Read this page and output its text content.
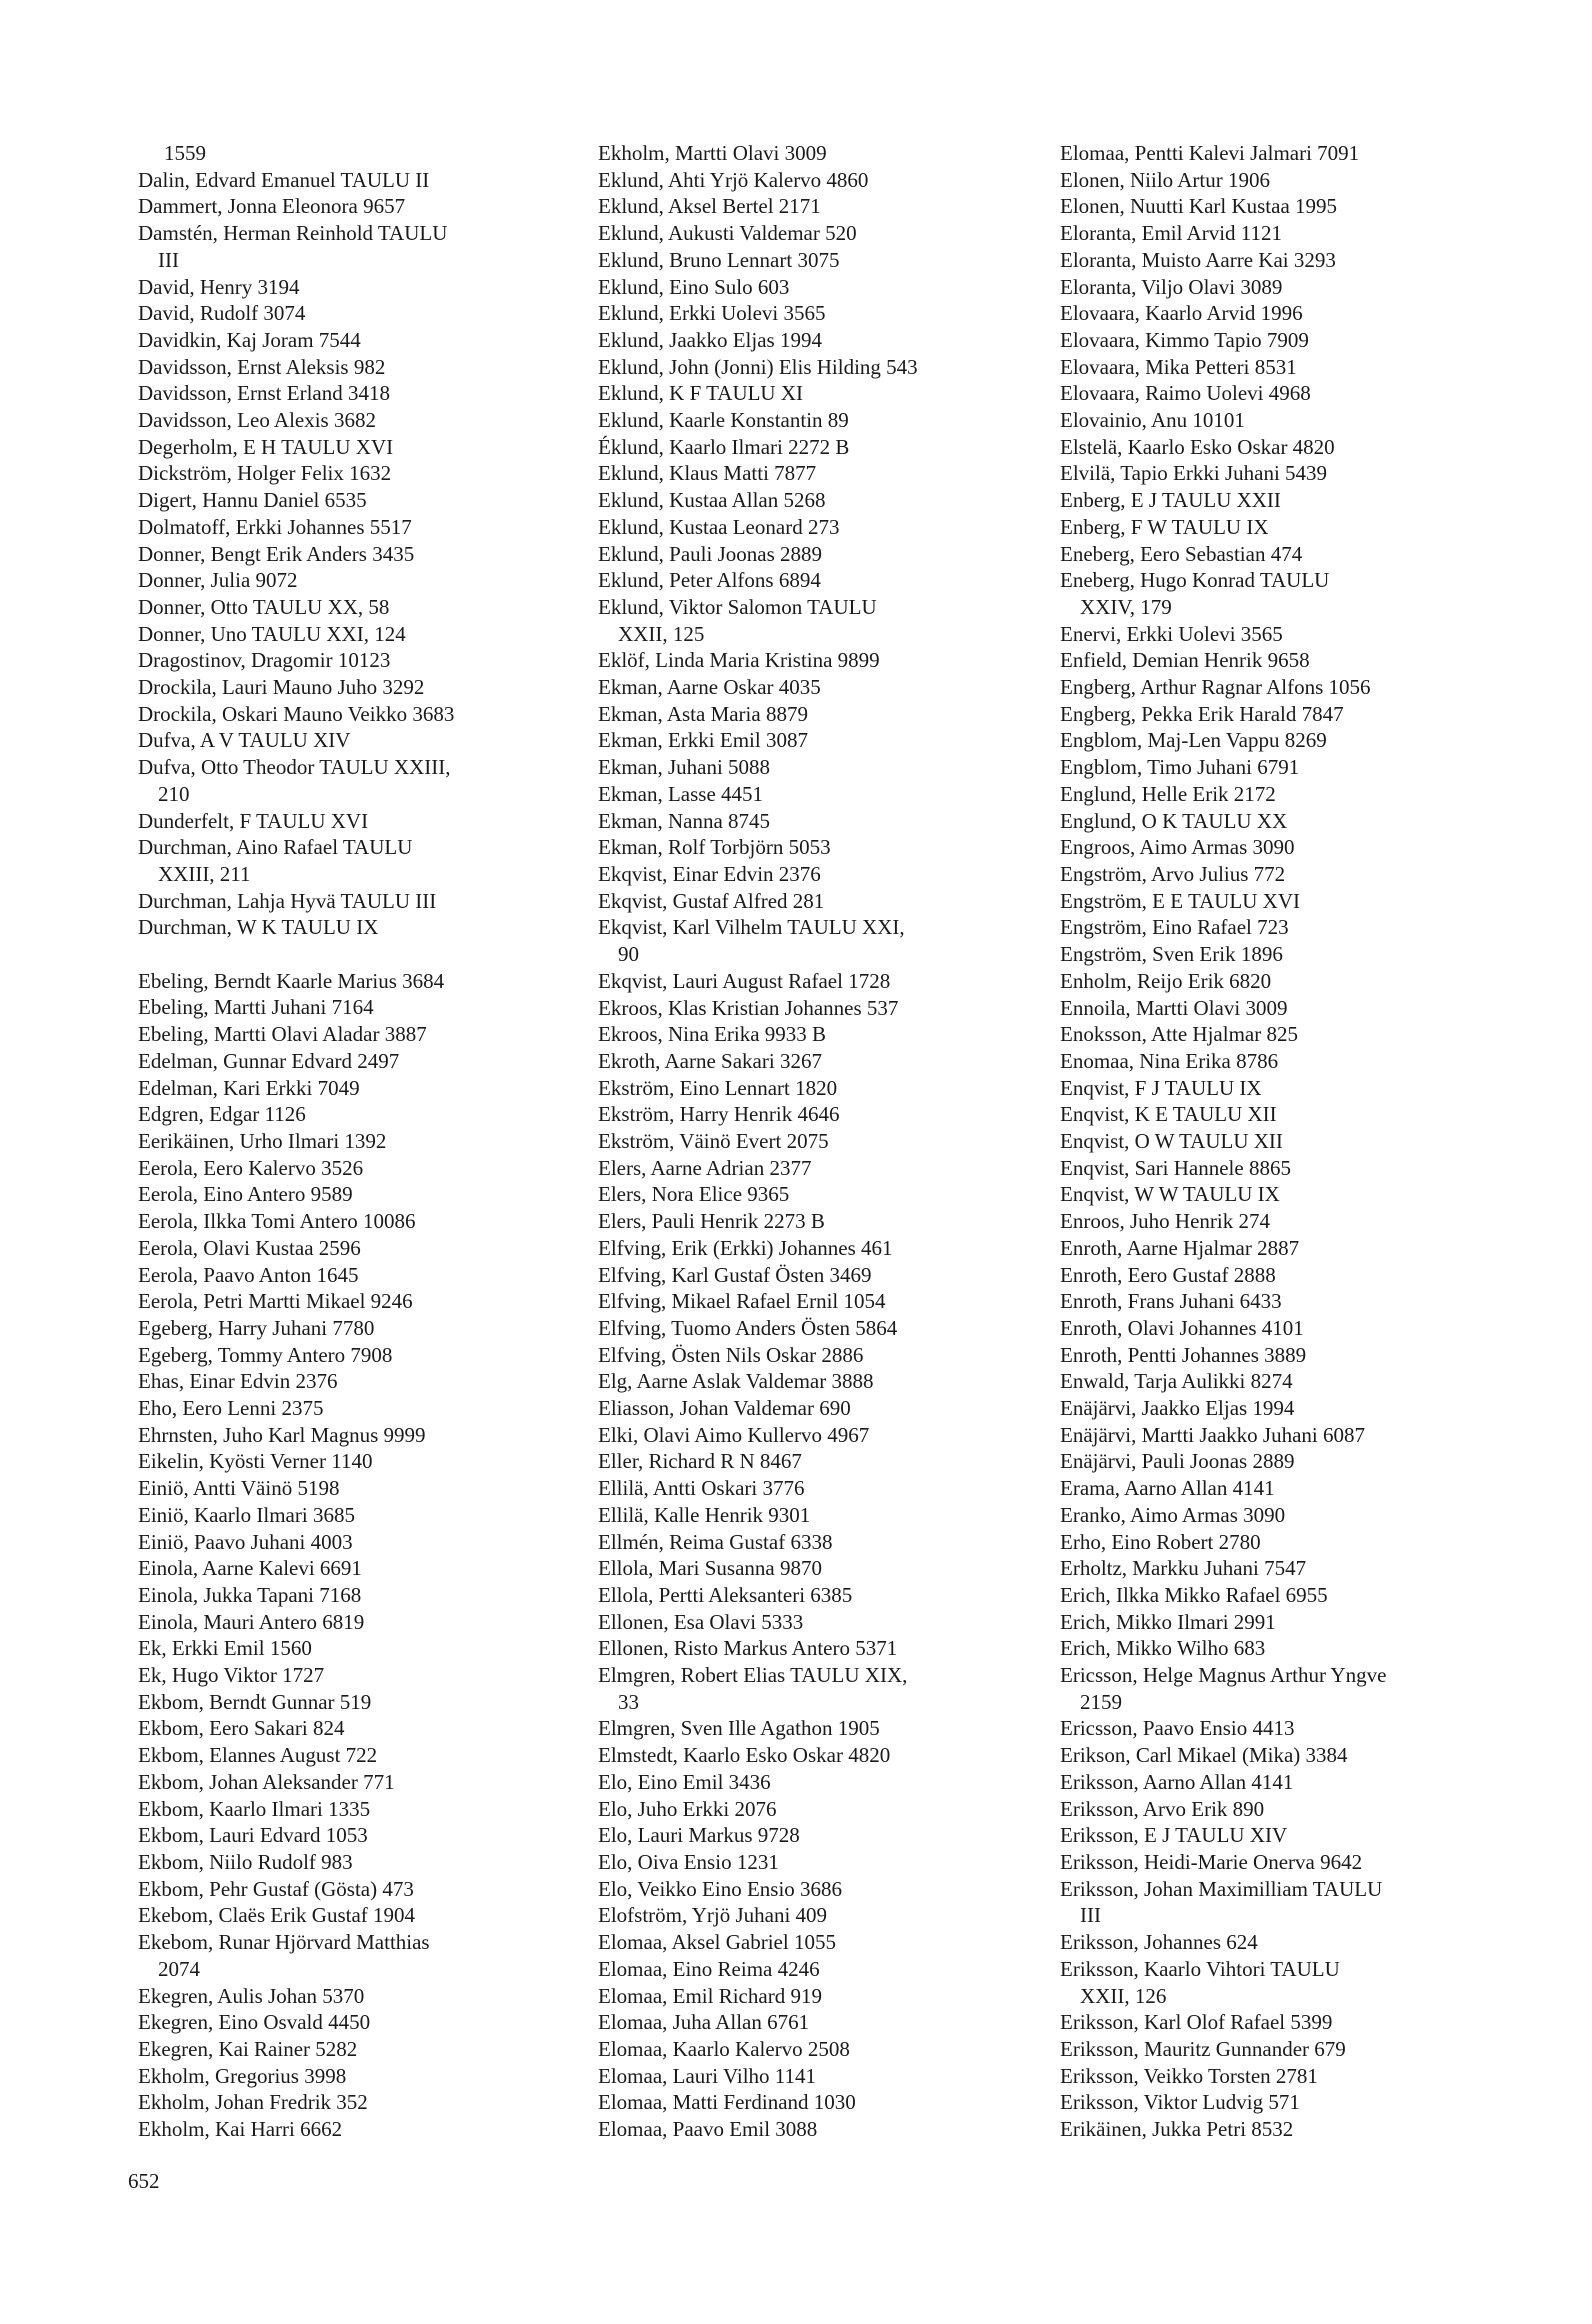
1559
Dalin, Edvard Emanuel TAULU II
Dammert, Jonna Eleonora 9657
Damstén, Herman Reinhold TAULU
III
David, Henry 3194
David, Rudolf 3074
Davidkin, Kaj Joram 7544
Davidsson, Ernst Aleksis 982
Davidsson, Ernst Erland 3418
Davidsson, Leo Alexis 3682
Degerholm, E H TAULU XVI
Dickström, Holger Felix 1632
Digert, Hannu Daniel 6535
Dolmatoff, Erkki Johannes 5517
Donner, Bengt Erik Anders 3435
Donner, Julia 9072
Donner, Otto TAULU XX, 58
Donner, Uno TAULU XXI, 124
Dragostinov, Dragomir 10123
Drockila, Lauri Mauno Juho 3292
Drockila, Oskari Mauno Veikko 3683
Dufva, A V TAULU XIV
Dufva, Otto Theodor TAULU XXIII,
210
Dunderfelt, F TAULU XVI
Durchman, Aino Rafael TAULU
XXIII, 211
Durchman, Lahja Hyvä TAULU III
Durchman, W K TAULU IX
Ebeling, Berndt Kaarle Marius 3684
Ebeling, Martti Juhani 7164
Ebeling, Martti Olavi Aladar 3887
Edelman, Gunnar Edvard 2497
Edelman, Kari Erkki 7049
Edgren, Edgar 1126
Eerikäinen, Urho Ilmari 1392
Eerola, Eero Kalervo 3526
Eerola, Eino Antero 9589
Eerola, Ilkka Tomi Antero 10086
Eerola, Olavi Kustaa 2596
Eerola, Paavo Anton 1645
Eerola, Petri Martti Mikael 9246
Egeberg, Harry Juhani 7780
Egeberg, Tommy Antero 7908
Ehas, Einar Edvin 2376
Eho, Eero Lenni 2375
Ehrnsten, Juho Karl Magnus 9999
Eikelin, Kyösti Verner 1140
Einiö, Antti Väinö 5198
Einiö, Kaarlo Ilmari 3685
Einiö, Paavo Juhani 4003
Einola, Aarne Kalevi 6691
Einola, Jukka Tapani 7168
Einola, Mauri Antero 6819
Ek, Erkki Emil 1560
Ek, Hugo Viktor 1727
Ekbom, Berndt Gunnar 519
Ekbom, Eero Sakari 824
Ekbom, Elannes August 722
Ekbom, Johan Aleksander 771
Ekbom, Kaarlo Ilmari 1335
Ekbom, Lauri Edvard 1053
Ekbom, Niilo Rudolf 983
Ekbom, Pehr Gustaf (Gösta) 473
Ekebom, Claës Erik Gustaf 1904
Ekebom, Runar Hjörvard Matthias
2074
Ekegren, Aulis Johan 5370
Ekegren, Eino Osvald 4450
Ekegren, Kai Rainer 5282
Ekholm, Gregorius 3998
Ekholm, Johan Fredrik 352
Ekholm, Kai Harri 6662
Ekholm, Martti Olavi 3009
Eklund, Ahti Yrjö Kalervo 4860
Eklund, Aksel Bertel 2171
Eklund, Aukusti Valdemar 520
Eklund, Bruno Lennart 3075
Eklund, Eino Sulo 603
Eklund, Erkki Uolevi 3565
Eklund, Jaakko Eljas 1994
Eklund, John (Jonni) Elis Hilding 543
Eklund, K F TAULU XI
Eklund, Kaarle Konstantin 89
Éklund, Kaarlo Ilmari 2272 B
Eklund, Klaus Matti 7877
Eklund, Kustaa Allan 5268
Eklund, Kustaa Leonard 273
Eklund, Pauli Joonas 2889
Eklund, Peter Alfons 6894
Eklund, Viktor Salomon TAULU
XXII, 125
Eklöf, Linda Maria Kristina 9899
Ekman, Aarne Oskar 4035
Ekman, Asta Maria 8879
Ekman, Erkki Emil 3087
Ekman, Juhani 5088
Ekman, Lasse 4451
Ekman, Nanna 8745
Ekman, Rolf Torbjörn 5053
Ekqvist, Einar Edvin 2376
Ekqvist, Gustaf Alfred 281
Ekqvist, Karl Vilhelm TAULU XXI,
90
Ekqvist, Lauri August Rafael 1728
Ekroos, Klas Kristian Johannes 537
Ekroos, Nina Erika 9933 B
Ekroth, Aarne Sakari 3267
Ekström, Eino Lennart 1820
Ekström, Harry Henrik 4646
Ekström, Väinö Evert 2075
Elers, Aarne Adrian 2377
Elers, Nora Elice 9365
Elers, Pauli Henrik 2273 B
Elfving, Erik (Erkki) Johannes 461
Elfving, Karl Gustaf Östen 3469
Elfving, Mikael Rafael Ernil 1054
Elfving, Tuomo Anders Östen 5864
Elfving, Östen Nils Oskar 2886
Elg, Aarne Aslak Valdemar 3888
Eliasson, Johan Valdemar 690
Elki, Olavi Aimo Kullervo 4967
Eller, Richard R N 8467
Ellilä, Antti Oskari 3776
Ellilä, Kalle Henrik 9301
Ellmén, Reima Gustaf 6338
Ellola, Mari Susanna 9870
Ellola, Pertti Aleksanteri 6385
Ellonen, Esa Olavi 5333
Ellonen, Risto Markus Antero 5371
Elmgren, Robert Elias TAULU XIX,
33
Elmgren, Sven Ille Agathon 1905
Elmstedt, Kaarlo Esko Oskar 4820
Elo, Eino Emil 3436
Elo, Juho Erkki 2076
Elo, Lauri Markus 9728
Elo, Oiva Ensio 1231
Elo, Veikko Eino Ensio 3686
Elofström, Yrjö Juhani 409
Elomaa, Aksel Gabriel 1055
Elomaa, Eino Reima 4246
Elomaa, Emil Richard 919
Elomaa, Juha Allan 6761
Elomaa, Kaarlo Kalervo 2508
Elomaa, Lauri Vilho 1141
Elomaa, Matti Ferdinand 1030
Elomaa, Paavo Emil 3088
Elomaa, Pentti Kalevi Jalmari 7091
Elonen, Niilo Artur 1906
Elonen, Nuutti Karl Kustaa 1995
Eloranta, Emil Arvid 1121
Eloranta, Muisto Aarre Kai 3293
Eloranta, Viljo Olavi 3089
Elovaara, Kaarlo Arvid 1996
Elovaara, Kimmo Tapio 7909
Elovaara, Mika Petteri 8531
Elovaara, Raimo Uolevi 4968
Elovainio, Anu 10101
Elstelä, Kaarlo Esko Oskar 4820
Elvilä, Tapio Erkki Juhani 5439
Enberg, E J TAULU XXII
Enberg, F W TAULU IX
Eneberg, Eero Sebastian 474
Eneberg, Hugo Konrad TAULU
XXIV, 179
Enervi, Erkki Uolevi 3565
Enfield, Demian Henrik 9658
Engberg, Arthur Ragnar Alfons 1056
Engberg, Pekka Erik Harald 7847
Engblom, Maj-Len Vappu 8269
Engblom, Timo Juhani 6791
Englund, Helle Erik 2172
Englund, O K TAULU XX
Engroos, Aimo Armas 3090
Engström, Arvo Julius 772
Engström, E E TAULU XVI
Engström, Eino Rafael 723
Engström, Sven Erik 1896
Enholm, Reijo Erik 6820
Ennoila, Martti Olavi 3009
Enoksson, Atte Hjalmar 825
Enomaa, Nina Erika 8786
Enqvist, F J TAULU IX
Enqvist, K E TAULU XII
Enqvist, O W TAULU XII
Enqvist, Sari Hannele 8865
Enqvist, W W TAULU IX
Enroos, Juho Henrik 274
Enroth, Aarne Hjalmar 2887
Enroth, Eero Gustaf 2888
Enroth, Frans Juhani 6433
Enroth, Olavi Johannes 4101
Enroth, Pentti Johannes 3889
Enwald, Tarja Aulikki 8274
Enäjärvi, Jaakko Eljas 1994
Enäjärvi, Martti Jaakko Juhani 6087
Enäjärvi, Pauli Joonas 2889
Erama, Aarno Allan 4141
Eranko, Aimo Armas 3090
Erho, Eino Robert 2780
Erholtz, Markku Juhani 7547
Erich, Ilkka Mikko Rafael 6955
Erich, Mikko Ilmari 2991
Erich, Mikko Wilho 683
Ericsson, Helge Magnus Arthur Yngve
2159
Ericsson, Paavo Ensio 4413
Erikson, Carl Mikael (Mika) 3384
Eriksson, Aarno Allan 4141
Eriksson, Arvo Erik 890
Eriksson, E J TAULU XIV
Eriksson, Heidi-Marie Onerva 9642
Eriksson, Johan Maximilliam TAULU
III
Eriksson, Johannes 624
Eriksson, Kaarlo Vihtori TAULU
XXII, 126
Eriksson, Karl Olof Rafael 5399
Eriksson, Mauritz Gunnander 679
Eriksson, Veikko Torsten 2781
Eriksson, Viktor Ludvig 571
Erikäinen, Jukka Petri 8532
652
